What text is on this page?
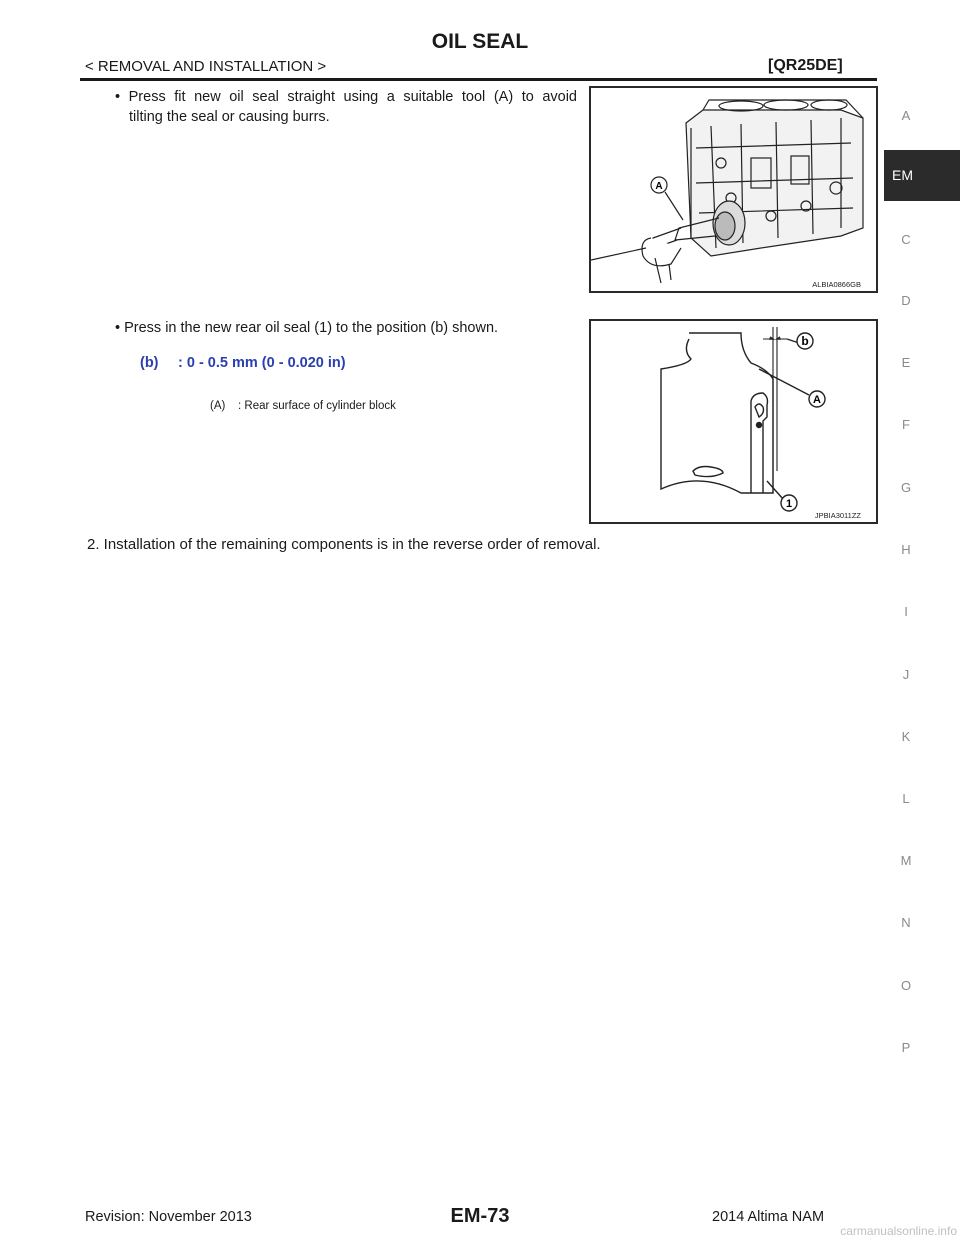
OIL SEAL
< REMOVAL AND INSTALLATION >	[QR25DE]
• Press fit new oil seal straight using a suitable tool (A) to avoid
tilting the seal or causing burrs.
• Press in the new rear oil seal (1) to the position (b) shown.
(b) : 0 - 0.5 mm (0 - 0.020 in)
(A) : Rear surface of cylinder block
2. Installation of the remaining components is in the reverse order of removal.
A
ALBIA0866GB
b
A
1
JPBIA3011ZZ
A
EM
C
D
E
F
G
H
I
J
K
L
M
N
O
P
Revision: November 2013	EM-73	2014 Altima NAM
carmanualsonline.info
